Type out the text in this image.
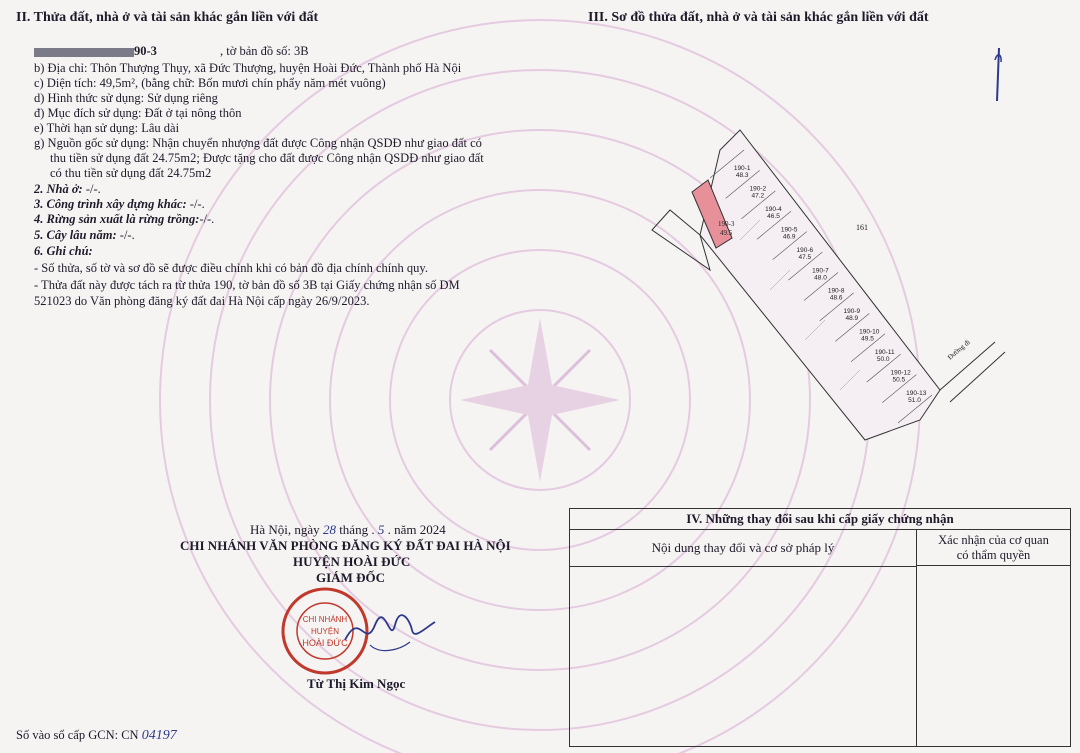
II. Thửa đất, nhà ở và tài sản khác gắn liền với đất	III. Sơ đồ thửa đất, nhà ở và tài sản khác gắn liền với đất
90-3	, tờ bản đồ số: 3B
b) Địa chỉ: Thôn Thượng Thụy, xã Đức Thượng, huyện Hoài Đức, Thành phố Hà Nội
c) Diện tích: 49,5m², (bằng chữ: Bốn mươi chín phẩy năm mét vuông)
d) Hình thức sử dụng: Sử dụng riêng
đ) Mục đích sử dụng: Đất ở tại nông thôn
e) Thời hạn sử dụng: Lâu dài
g) Nguồn gốc sử dụng: Nhận chuyển nhượng đất được Công nhận QSDĐ như giao đất có
thu tiền sử dụng đất 24.75m2; Được tặng cho đất được Công nhận QSDĐ như giao đất
có thu tiền sử dụng đất 24.75m2
2. Nhà ở: -/-.
3. Công trình xây dựng khác: -/-.
4. Rừng sản xuất là rừng trồng:-/-.
5. Cây lâu năm: -/-.
6. Ghi chú:
- Số thửa, số tờ và sơ đồ sẽ được điều chỉnh khi có bản đồ địa chính chính quy.
- Thửa đất này được tách ra từ thửa 190, tờ bản đồ số 3B tại Giấy chứng nhận số DM
521023 do Văn phòng đăng ký đất đai Hà Nội cấp ngày 26/9/2023.
Hà Nội, ngày 28 tháng . 5 . năm 2024
CHI NHÁNH VĂN PHÒNG ĐĂNG KÝ ĐẤT ĐAI HÀ NỘI
HUYỆN HOÀI ĐỨC
GIÁM ĐỐC
CHI NHÁNH
HUYỆN
HOÀI ĐỨC
Từ Thị Kim Ngọc
Số vào sổ cấp GCN: CN 04197
190-3
49.5
161
Đường đi
190-1
48.3
190-2
47.2
190-4
46.5
190-5
46.9
190-6
47.5
190-7
48.0
190-8
48.6
190-9
48.9
190-10
49.5
190-11
50.0
190-12
50.5
190-13
51.0
IV. Những thay đổi sau khi cấp giấy chứng nhận
Nội dung thay đổi và cơ sở pháp lý	Xác nhận của cơ quan
có thẩm quyền
